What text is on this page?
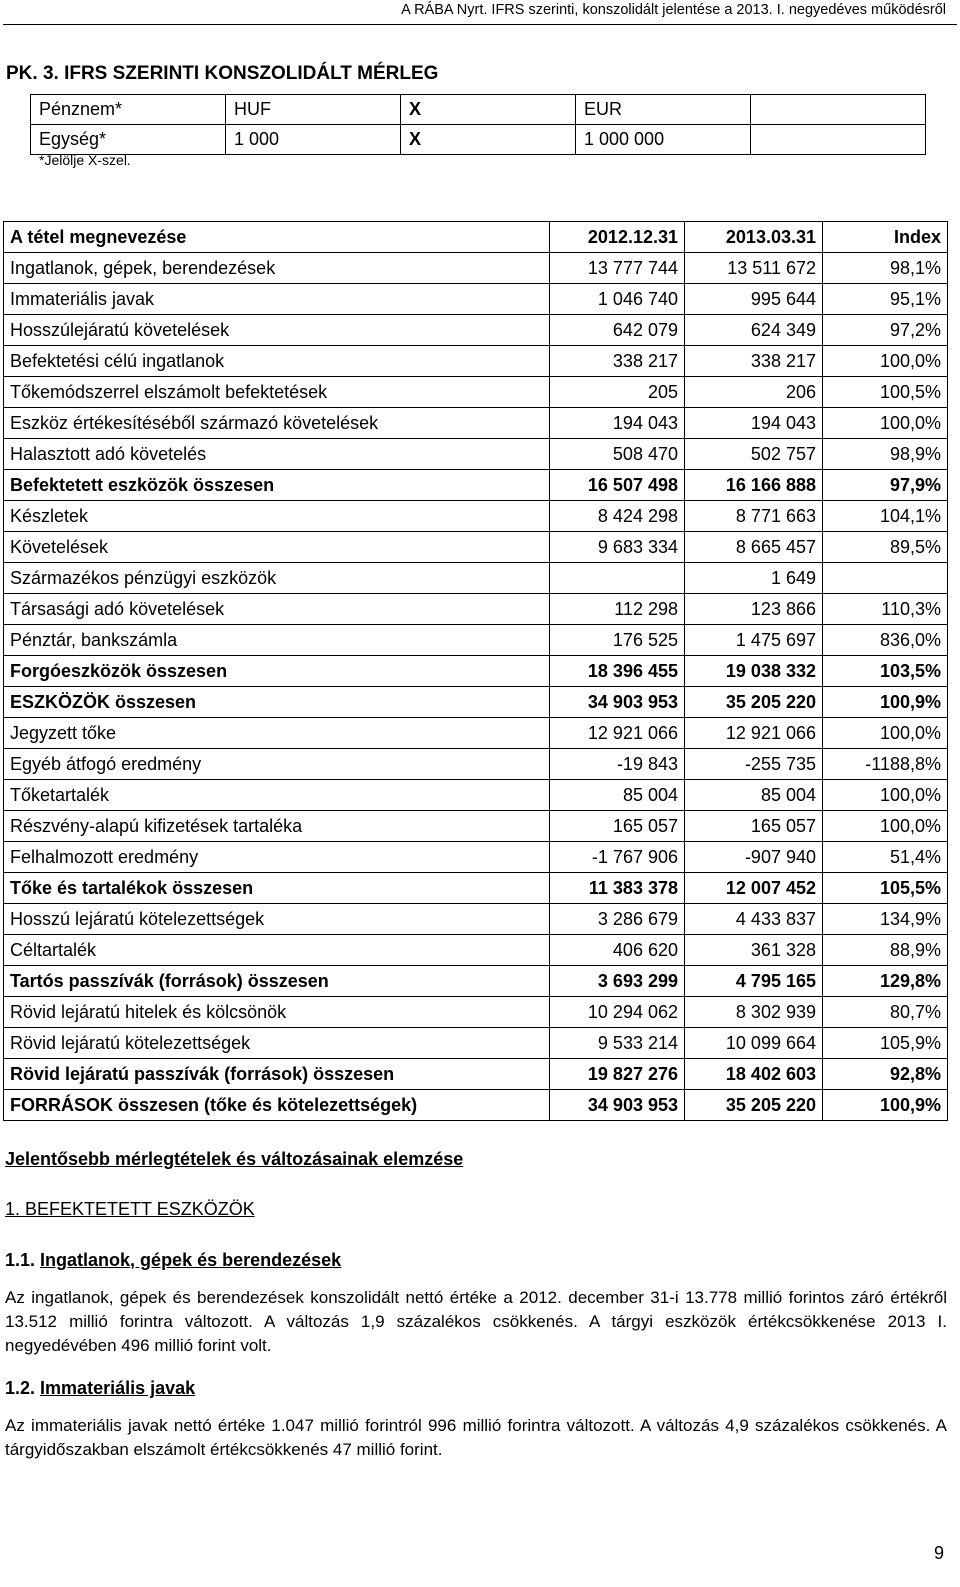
A RÁBA Nyrt. IFRS szerinti, konszolidált jelentése a 2013. I. negyedéves működésről
PK. 3. IFRS SZERINTI KONSZOLIDÁLT MÉRLEG
Pénznem*	HUF	X	EUR	
Egység*	1 000	X	1 000 000	
*Jelölje X-szel.
A tétel megnevezése	2012.12.31	2013.03.31	Index
Ingatlanok, gépek, berendezések	13 777 744	13 511 672	98,1%
Immateriális javak	1 046 740	995 644	95,1%
Hosszúlejáratú követelések	642 079	624 349	97,2%
Befektetési célú ingatlanok	338 217	338 217	100,0%
Tőkemódszerrel elszámolt befektetések	205	206	100,5%
Eszköz értékesítéséből származó követelések	194 043	194 043	100,0%
Halasztott adó követelés	508 470	502 757	98,9%
Befektetett eszközök összesen	16 507 498	16 166 888	97,9%
Készletek	8 424 298	8 771 663	104,1%
Követelések	9 683 334	8 665 457	89,5%
Származékos pénzügyi eszközök		1 649	
Társasági adó követelések	112 298	123 866	110,3%
Pénztár, bankszámla	176 525	1 475 697	836,0%
Forgóeszközök összesen	18 396 455	19 038 332	103,5%
ESZKÖZÖK összesen	34 903 953	35 205 220	100,9%
Jegyzett tőke	12 921 066	12 921 066	100,0%
Egyéb átfogó eredmény	-19 843	-255 735	-1188,8%
Tőketartalék	85 004	85 004	100,0%
Részvény-alapú kifizetések tartaléka	165 057	165 057	100,0%
Felhalmozott eredmény	-1 767 906	-907 940	51,4%
Tőke és tartalékok összesen	11 383 378	12 007 452	105,5%
Hosszú lejáratú kötelezettségek	3 286 679	4 433 837	134,9%
Céltartalék	406 620	361 328	88,9%
Tartós passzívák (források) összesen	3 693 299	4 795 165	129,8%
Rövid lejáratú hitelek és kölcsönök	10 294 062	8 302 939	80,7%
Rövid lejáratú kötelezettségek	9 533 214	10 099 664	105,9%
Rövid lejáratú passzívák (források) összesen	19 827 276	18 402 603	92,8%
FORRÁSOK összesen (tőke és kötelezettségek)	34 903 953	35 205 220	100,9%
Jelentősebb mérlegtételek és változásainak elemzése
1. BEFEKTETETT ESZKÖZÖK
1.1. Ingatlanok, gépek és berendezések

Az ingatlanok, gépek és berendezések konszolidált nettó értéke a 2012. december 31-i 13.778 millió forintos záró értékről 13.512 millió forintra változott. A változás 1,9 százalékos csökkenés. A tárgyi eszközök értékcsökkenése 2013 I. negyedévében 496 millió forint volt.

1.2. Immateriális javak

Az immateriális javak nettó értéke 1.047 millió forintról 996 millió forintra változott. A változás 4,9 százalékos csökkenés. A tárgyidőszakban elszámolt értékcsökkenés 47 millió forint.

9
